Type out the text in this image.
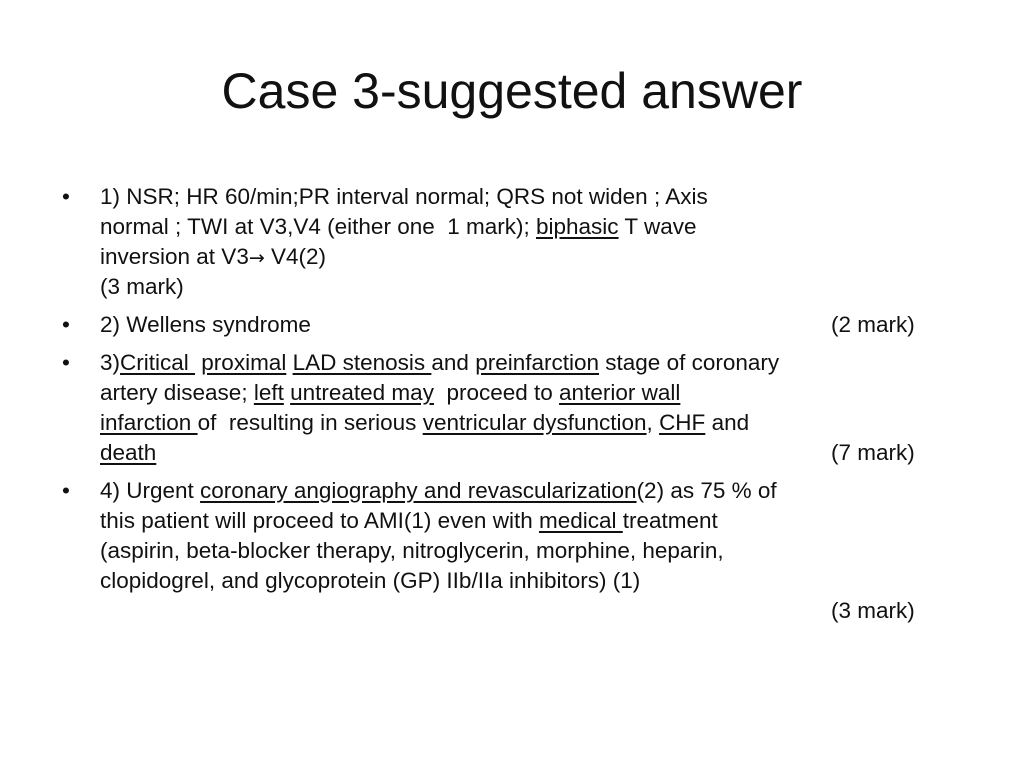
Case 3-suggested answer
•	1) NSR; HR 60/min;PR interval normal; QRS not widen ; Axis
normal ; TWI at V3,V4 (either one  1 mark); biphasic T wave
inversion at V3→ V4(2)
(3 mark)
•	2) Wellens syndrome	(2 mark)
•	3)Critical  proximal LAD stenosis and preinfarction stage of coronary
artery disease; left untreated may  proceed to anterior wall
infarction of  resulting in serious ventricular dysfunction, CHF and
death	(7 mark)
•	4) Urgent coronary angiography and revascularization(2) as 75 % of
this patient will proceed to AMI(1) even with medical treatment
(aspirin, beta-blocker therapy, nitroglycerin, morphine, heparin,
clopidogrel, and glycoprotein (GP) IIb/IIa inhibitors) (1)
(3 mark)
